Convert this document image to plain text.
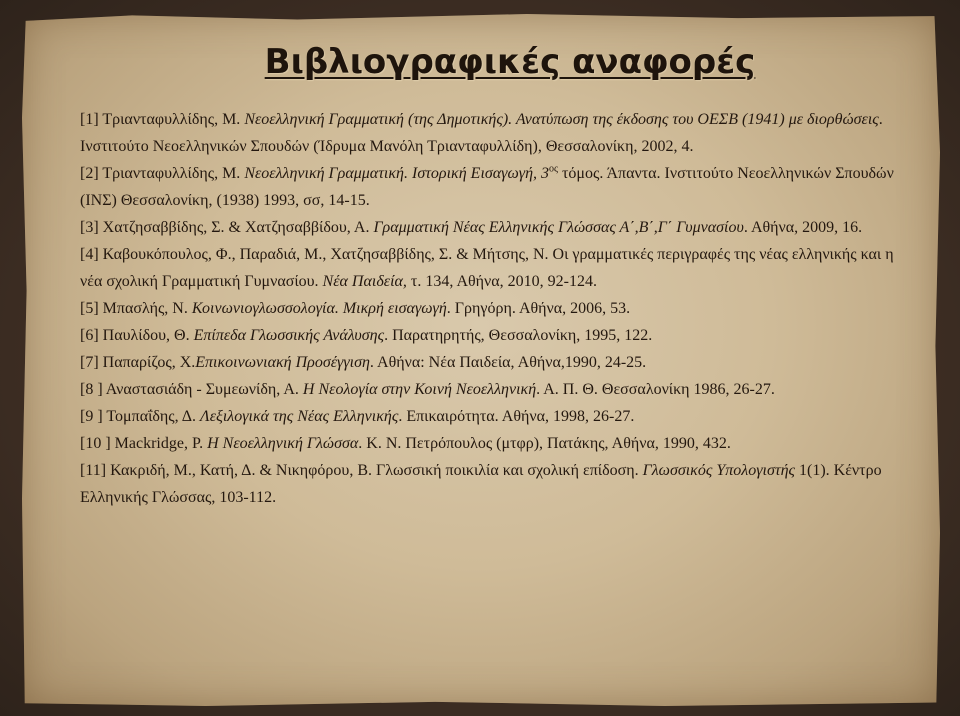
Βιβλιογραφικές αναφορές

[1] Τριανταφυλλίδης, Μ. Νεοελληνική Γραμματική (της Δημοτικής). Ανατύπωση της έκδοσης του ΟΕΣΒ (1941) με διορθώσεις. Ινστιτούτο Νεοελληνικών Σπουδών (Ίδρυμα Μανόλη Τριανταφυλλίδη), Θεσσαλονίκη, 2002, 4.

[2] Τριανταφυλλίδης, Μ. Νεοελληνική Γραμματική. Ιστορική Εισαγωγή, $3^{o\varsigma}$ τόμος. Άπαντα. Ινστιτούτο Νεοελληνικών Σπουδών (ΙΝΣ) Θεσσαλονίκη, (1938) 1993, σσ, 14-15.

[3] Χατζησαββίδης, Σ. & Χατζησαββίδου, Α. Γραμματική Νέας Ελληνικής Γλώσσας Α΄,Β΄,Γ΄ Γυμνασίου. Αθήνα, 2009, 16.

[4] Καβουκόπουλος, Φ., Παραδιά, Μ., Χατζησαββίδης, Σ. & Μήτσης, Ν. Οι γραμματικές περιγραφές της νέας ελληνικής και η νέα σχολική Γραμματική Γυμνασίου. Νέα Παιδεία, τ. 134, Αθήνα, 2010, 92-124.

[5] Μπασλής, Ν. Κοινωνιογλωσσολογία. Μικρή εισαγωγή. Γρηγόρη. Αθήνα, 2006, 53.

[6] Παυλίδου, Θ. Επίπεδα Γλωσσικής Ανάλυσης. Παρατηρητής, Θεσσαλονίκη, 1995, 122.

[7] Παπαρίζος, Χ.Επικοινωνιακή Προσέγγιση. Αθήνα: Νέα Παιδεία, Αθήνα,1990, 24-25.

[8 ] Αναστασιάδη - Συμεωνίδη, Α. Η Νεολογία στην Κοινή Νεοελληνική. Α. Π. Θ. Θεσσαλονίκη 1986, 26-27.

[9 ] Τομπαΐδης, Δ. Λεξιλογικά της Νέας Ελληνικής. Επικαιρότητα. Αθήνα, 1998, 26-27.

[10 ] Mackridge, P. Η Νεοελληνική Γλώσσα. Κ. Ν. Πετρόπουλος (μτφρ), Πατάκης, Αθήνα, 1990, 432.

[11] Κακριδή, Μ., Κατή, Δ. & Νικηφόρου, Β. Γλωσσική ποικιλία και σχολική επίδοση. Γλωσσικός Υπολογιστής 1(1). Κέντρο Ελληνικής Γλώσσας, 103-112.
